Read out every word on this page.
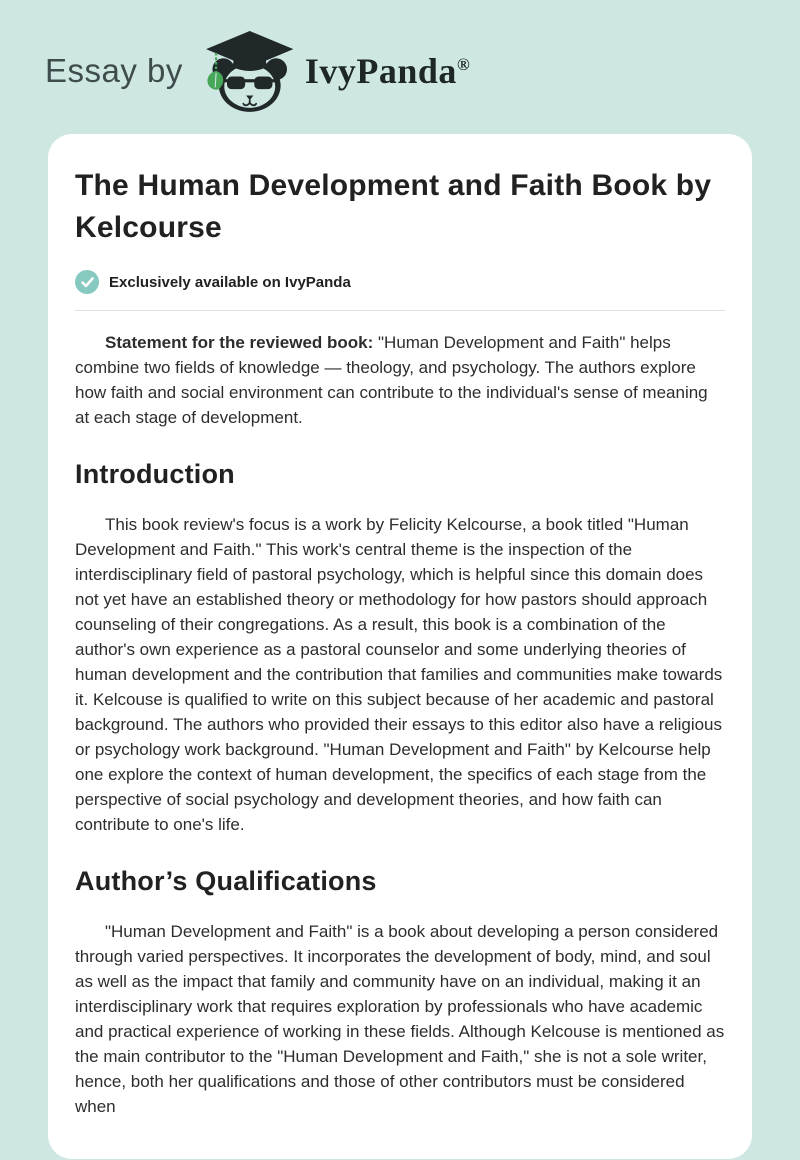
Essay by	IvyPanda®
The Human Development and Faith Book by Kelcourse
Exclusively available on IvyPanda

Statement for the reviewed book: "Human Development and Faith" helps combine two fields of knowledge — theology, and psychology. The authors explore how faith and social environment can contribute to the individual's sense of meaning at each stage of development.

Introduction

This book review's focus is a work by Felicity Kelcourse, a book titled "Human Development and Faith." This work's central theme is the inspection of the interdisciplinary field of pastoral psychology, which is helpful since this domain does not yet have an established theory or methodology for how pastors should approach counseling of their congregations. As a result, this book is a combination of the author's own experience as a pastoral counselor and some underlying theories of human development and the contribution that families and communities make towards it. Kelcouse is qualified to write on this subject because of her academic and pastoral background. The authors who provided their essays to this editor also have a religious or psychology work background. "Human Development and Faith" by Kelcourse help one explore the context of human development, the specifics of each stage from the perspective of social psychology and development theories, and how faith can contribute to one's life.

Author’s Qualifications

"Human Development and Faith" is a book about developing a person considered through varied perspectives. It incorporates the development of body, mind, and soul as well as the impact that family and community have on an individual, making it an interdisciplinary work that requires exploration by professionals who have academic and practical experience of working in these fields. Although Kelcouse is mentioned as the main contributor to the "Human Development and Faith," she is not a sole writer, hence, both her qualifications and those of other contributors must be considered when
